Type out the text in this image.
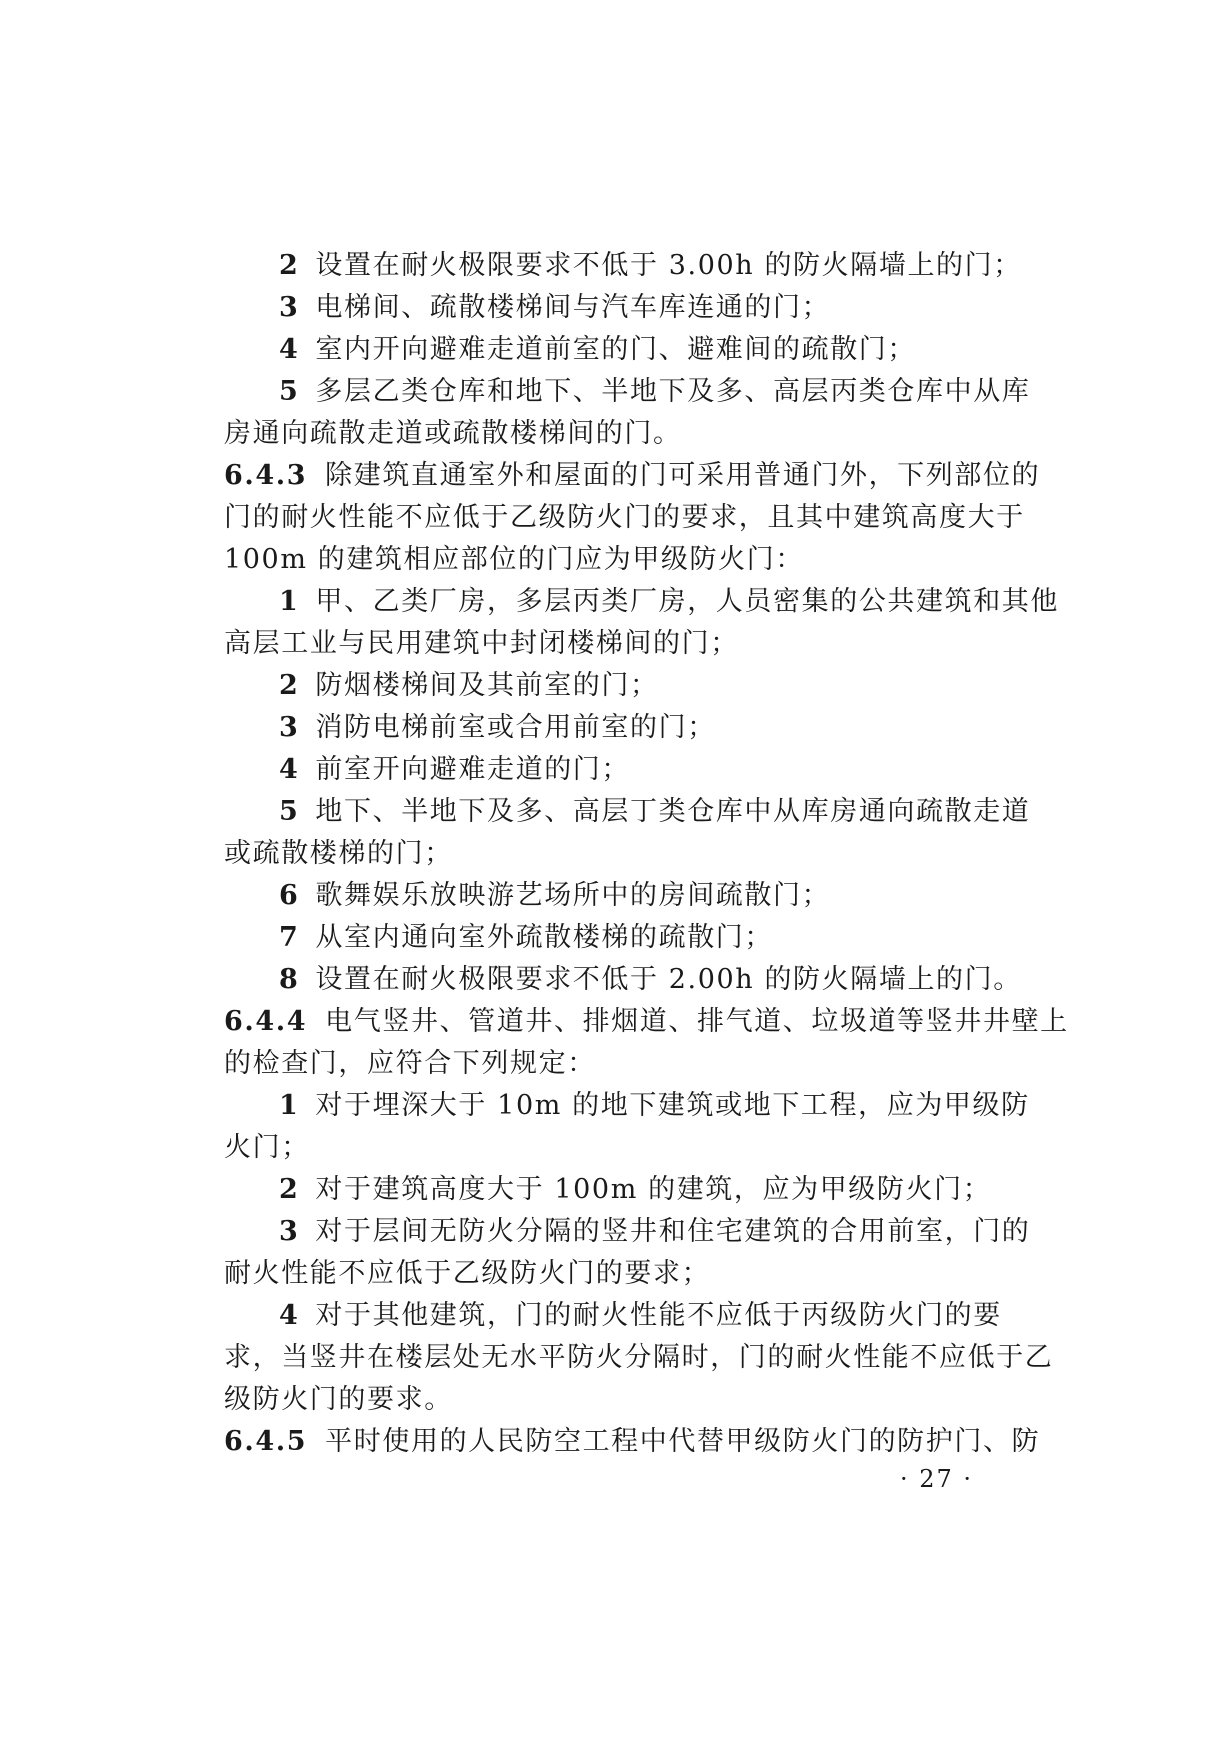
2 设置在耐火极限要求不低于 3.00h 的防火隔墙上的门；
3 电梯间、疏散楼梯间与汽车库连通的门；
4 室内开向避难走道前室的门、避难间的疏散门；
5 多层乙类仓库和地下、半地下及多、高层丙类仓库中从库
房通向疏散走道或疏散楼梯间的门。
6.4.3 除建筑直通室外和屋面的门可采用普通门外，下列部位的
门的耐火性能不应低于乙级防火门的要求，且其中建筑高度大于
100m 的建筑相应部位的门应为甲级防火门：
1 甲、乙类厂房，多层丙类厂房，人员密集的公共建筑和其他
高层工业与民用建筑中封闭楼梯间的门；
2 防烟楼梯间及其前室的门；
3 消防电梯前室或合用前室的门；
4 前室开向避难走道的门；
5 地下、半地下及多、高层丁类仓库中从库房通向疏散走道
或疏散楼梯的门；
6 歌舞娱乐放映游艺场所中的房间疏散门；
7 从室内通向室外疏散楼梯的疏散门；
8 设置在耐火极限要求不低于 2.00h 的防火隔墙上的门。
6.4.4 电气竖井、管道井、排烟道、排气道、垃圾道等竖井井壁上
的检查门，应符合下列规定：
1 对于埋深大于 10m 的地下建筑或地下工程，应为甲级防
火门；
2 对于建筑高度大于 100m 的建筑，应为甲级防火门；
3 对于层间无防火分隔的竖井和住宅建筑的合用前室，门的
耐火性能不应低于乙级防火门的要求；
4 对于其他建筑，门的耐火性能不应低于丙级防火门的要
求，当竖井在楼层处无水平防火分隔时，门的耐火性能不应低于乙
级防火门的要求。
6.4.5 平时使用的人民防空工程中代替甲级防火门的防护门、防
· 27 ·
